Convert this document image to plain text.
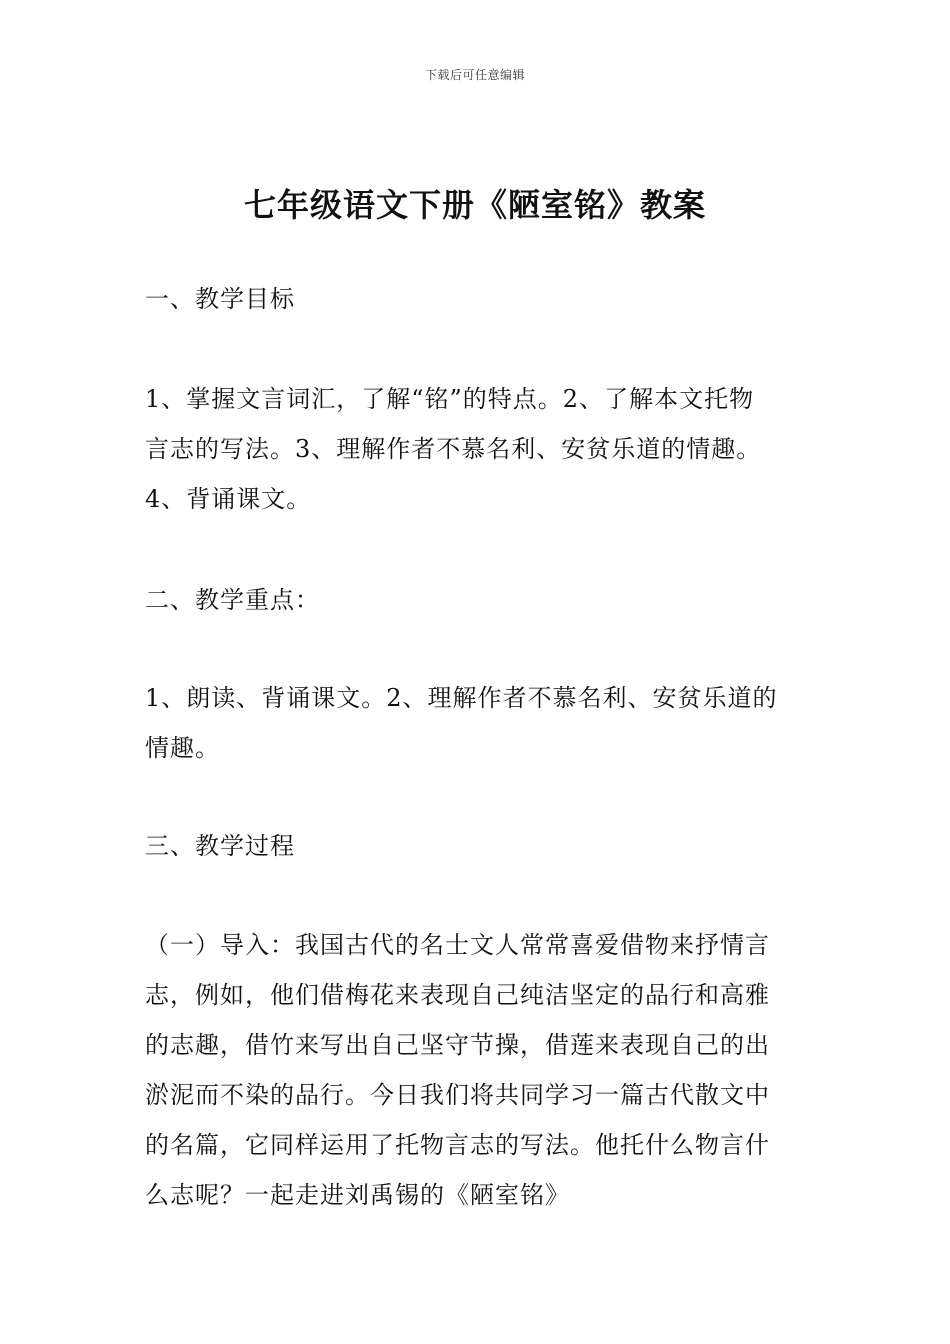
下载后可任意编辑
七年级语文下册《陋室铭》教案

一、教学目标

1、掌握文言词汇，了解“铭”的特点。2、了解本文托物

言志的写法。3、理解作者不慕名利、安贫乐道的情趣。

4、背诵课文。

二、教学重点：

1、朗读、背诵课文。2、理解作者不慕名利、安贫乐道的

情趣。

三、教学过程

（一）导入：我国古代的名士文人常常喜爱借物来抒情言

志，例如，他们借梅花来表现自己纯洁坚定的品行和高雅

的志趣，借竹来写出自己坚守节操，借莲来表现自己的出

淤泥而不染的品行。今日我们将共同学习一篇古代散文中

的名篇，它同样运用了托物言志的写法。他托什么物言什

么志呢？一起走进刘禹锡的《陋室铭》
